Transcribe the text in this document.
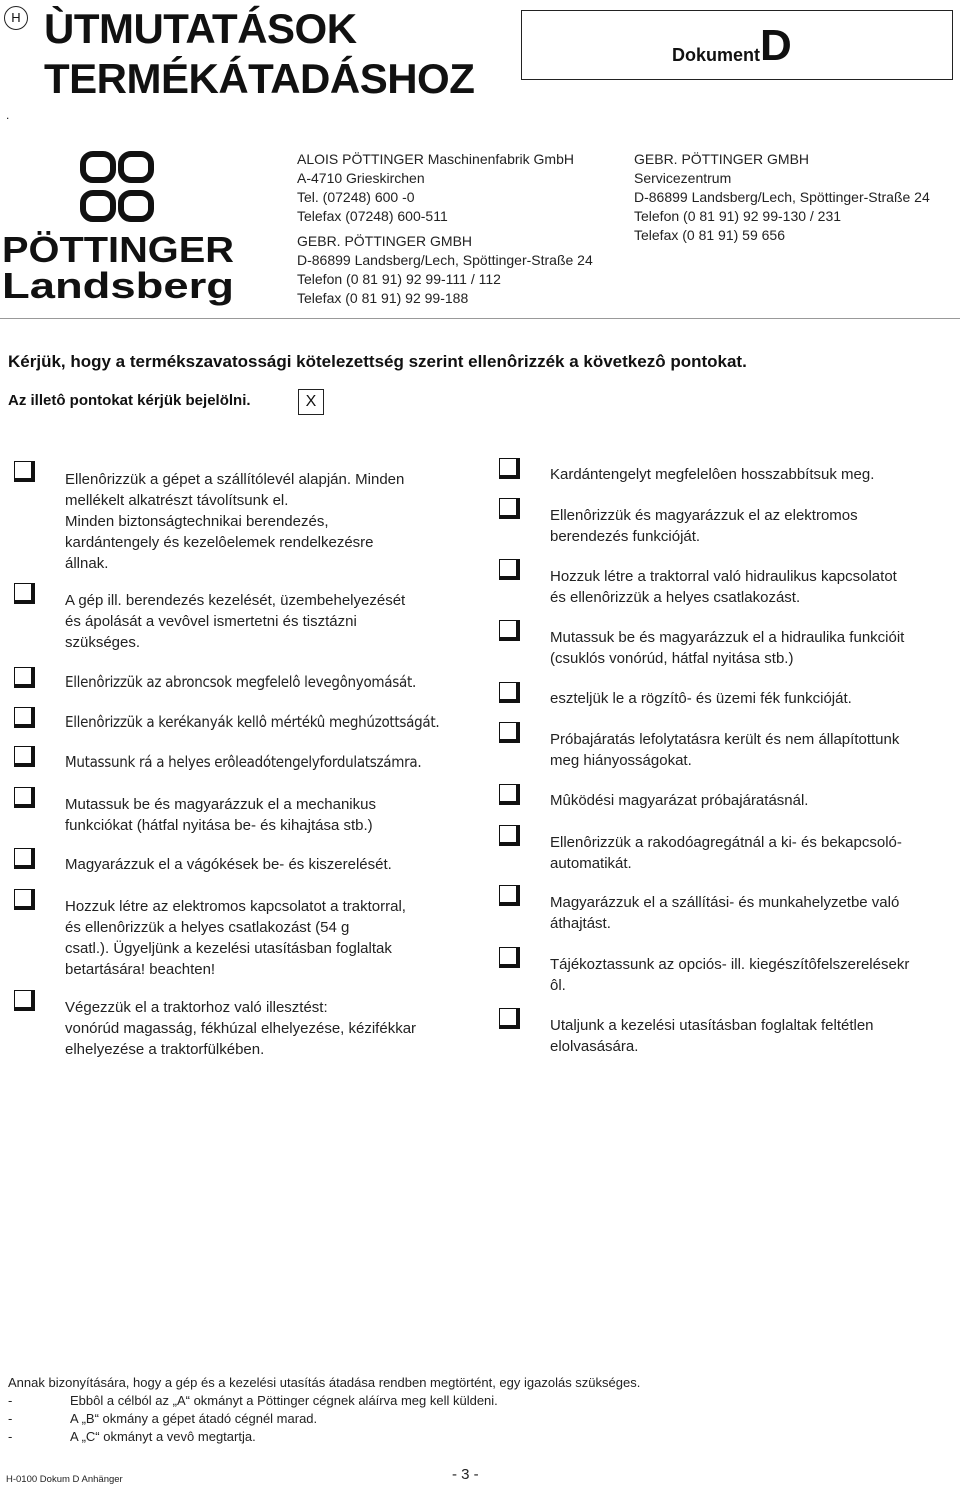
H ÙTMUTATÁSOK
TERMÉKÁTADÁSHOZ
.
Dokument D
PÖTTINGER
Landsberg
ALOIS PÖTTINGER Maschinenfabrik GmbH
A-4710 Grieskirchen
Tel. (07248) 600 -0
Telefax (07248) 600-511
GEBR. PÖTTINGER GMBH
D-86899 Landsberg/Lech, Spöttinger-Straße 24
Telefon (0 81 91) 92 99-111 / 112
Telefax (0 81 91) 92 99-188
GEBR. PÖTTINGER GMBH
Servicezentrum
D-86899 Landsberg/Lech, Spöttinger-Straße 24
Telefon (0 81 91) 92 99-130 / 231
Telefax (0 81 91) 59 656
Kérjük, hogy a termékszavatossági kötelezettség szerint ellenôrizzék a következô pontokat.
Az illetô pontokat kérjük bejelölni.	X
Ellenôrizzük a gépet a szállítólevél alapján. Minden
mellékelt alkatrészt távolítsunk el.
Minden biztonságtechnikai berendezés,
kardántengely és kezelôelemek rendelkezésre
állnak.
A gép ill. berendezés kezelését, üzembehelyezését
és ápolását a vevôvel ismertetni és tisztázni
szükséges.
Ellenôrizzük az abroncsok megfelelô levegônyomását.
Ellenôrizzük a kerékanyák kellô mértékû meghúzottságát.
Mutassunk rá a helyes erôleadótengelyfordulatszámra.
Mutassuk be és magyarázzuk el a mechanikus
funkciókat (hátfal nyitása be- és kihajtása stb.)
Magyarázzuk el a vágókések be- és kiszerelését.
Hozzuk létre az elektromos kapcsolatot a traktorral,
és ellenôrizzük a helyes csatlakozást (54 g
csatl.). Ügyeljünk a kezelési utasításban foglaltak
betartására! beachten!
Végezzük el a traktorhoz való illesztést:
vonórúd magasság, fékhúzal elhelyezése, kézifékkar
elhelyezése a traktorfülkében.
Kardántengelyt megfelelôen hosszabbítsuk meg.
Ellenôrizzük és magyarázzuk el az elektromos
berendezés funkcióját.
Hozzuk létre a traktorral való hidraulikus kapcsolatot
és ellenôrizzük a helyes csatlakozást.
Mutassuk be és magyarázzuk el a hidraulika funkcióit
(csuklós vonórúd, hátfal nyitása stb.)
eszteljük le a rögzítô- és üzemi fék funkcióját.
Próbajáratás lefolytatásra került és nem állapítottunk
meg hiányosságokat.
Mûködési magyarázat próbajáratásnál.
Ellenôrizzük a rakodóagregátnál a ki- és bekapcsoló-
automatikát.
Magyarázzuk el a szállítási- és munkahelyzetbe való
áthajtást.
Tájékoztassunk az opciós- ill. kiegészítôfelszerelésekr
ôl.
Utaljunk a kezelési utasításban foglaltak feltétlen
elolvasására.
Annak bizonyítására, hogy a gép és a kezelési utasítás átadása rendben megtörtént, egy igazolás szükséges.
-	Ebbôl a célból az „A“ okmányt a Pöttinger cégnek aláírva meg kell küldeni.
-	A „B“ okmány a gépet átadó cégnél marad.
-	A „C“ okmányt a vevô megtartja.
H-0100 Dokum D Anhänger	- 3 -
